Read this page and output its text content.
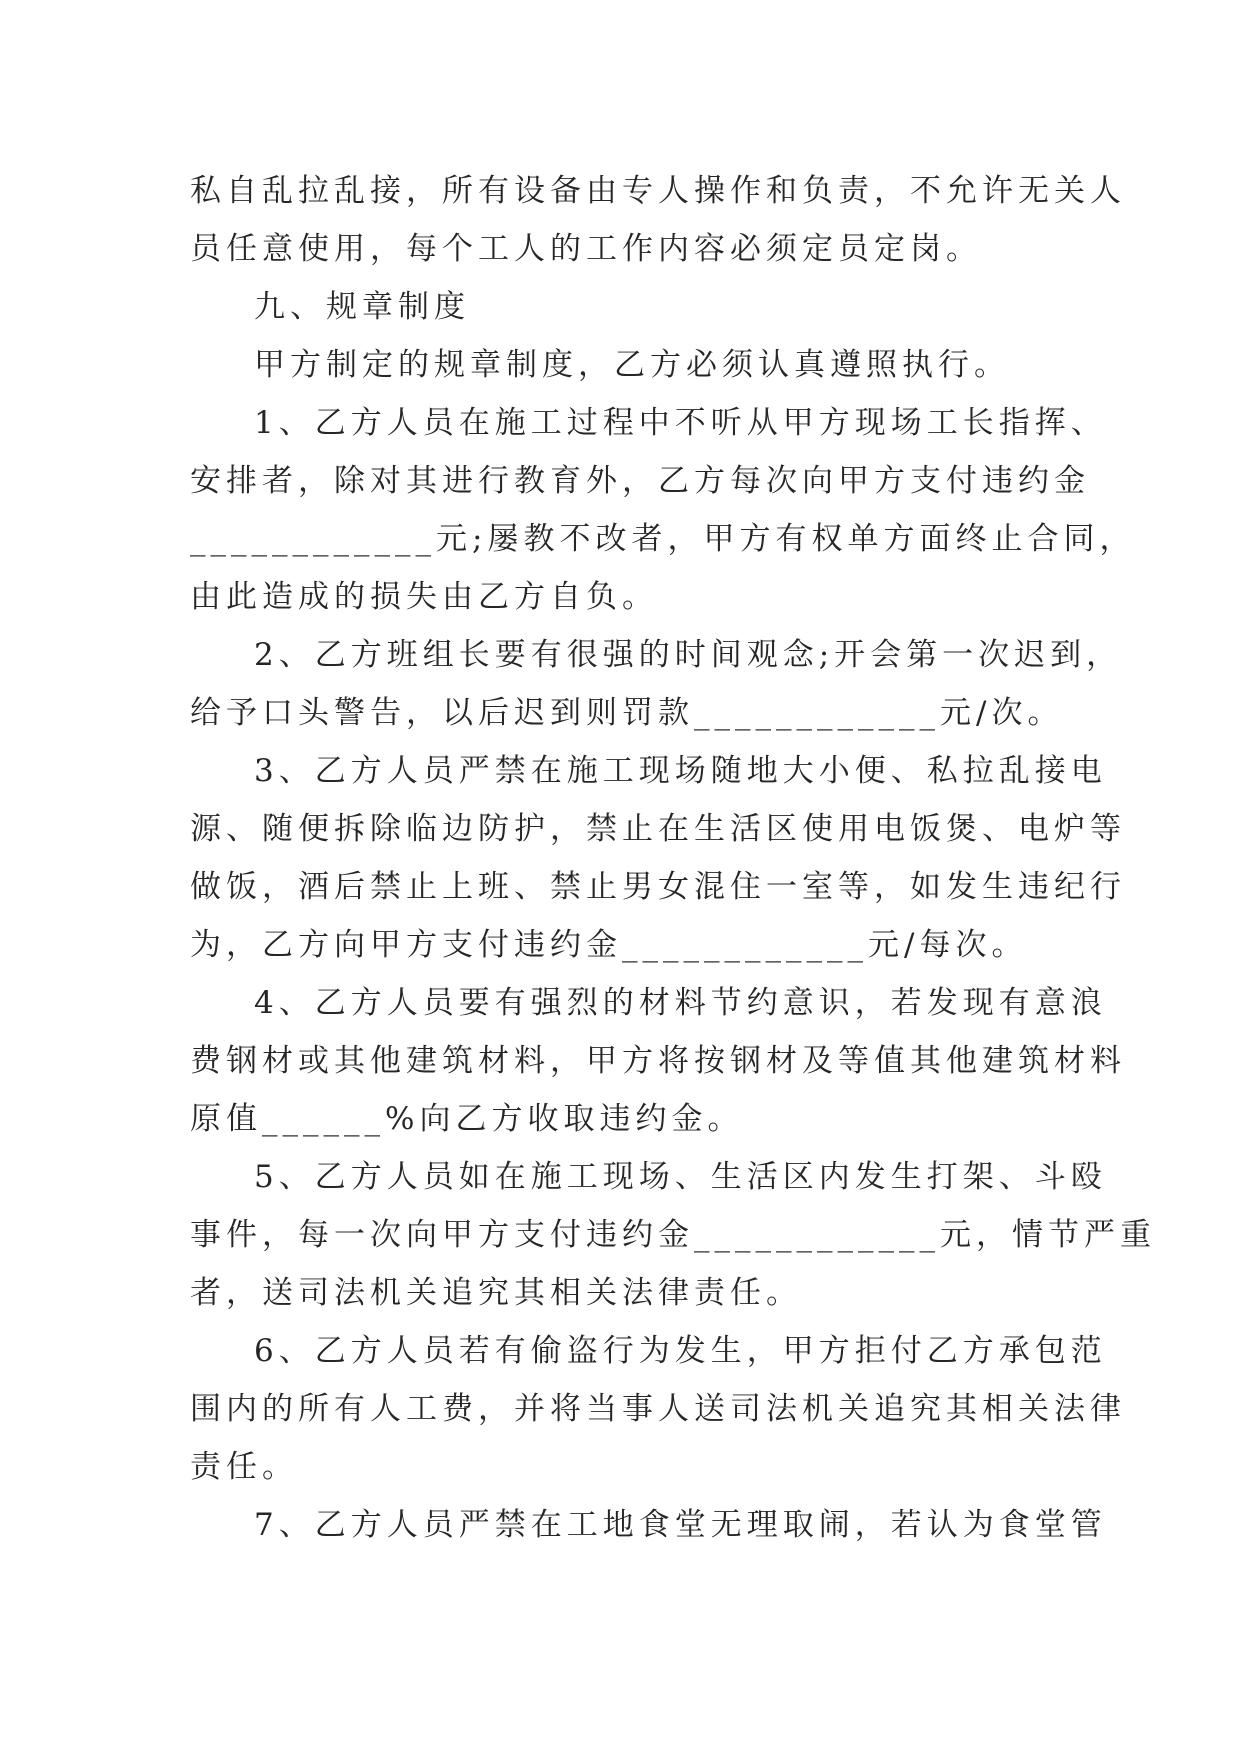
私自乱拉乱接，所有设备由专人操作和负责，不允许无关人
员任意使用，每个工人的工作内容必须定员定岗。
九、规章制度
甲方制定的规章制度，乙方必须认真遵照执行。
1、乙方人员在施工过程中不听从甲方现场工长指挥、
安排者，除对其进行教育外，乙方每次向甲方支付违约金
____________元;屡教不改者，甲方有权单方面终止合同，
由此造成的损失由乙方自负。
2、乙方班组长要有很强的时间观念;开会第一次迟到，
给予口头警告，以后迟到则罚款____________元/次。
3、乙方人员严禁在施工现场随地大小便、私拉乱接电
源、随便拆除临边防护，禁止在生活区使用电饭煲、电炉等
做饭，酒后禁止上班、禁止男女混住一室等，如发生违纪行
为，乙方向甲方支付违约金____________元/每次。
4、乙方人员要有强烈的材料节约意识，若发现有意浪
费钢材或其他建筑材料，甲方将按钢材及等值其他建筑材料
原值______%向乙方收取违约金。
5、乙方人员如在施工现场、生活区内发生打架、斗殴
事件，每一次向甲方支付违约金____________元，情节严重
者，送司法机关追究其相关法律责任。
6、乙方人员若有偷盗行为发生，甲方拒付乙方承包范
围内的所有人工费，并将当事人送司法机关追究其相关法律
责任。
7、乙方人员严禁在工地食堂无理取闹，若认为食堂管
